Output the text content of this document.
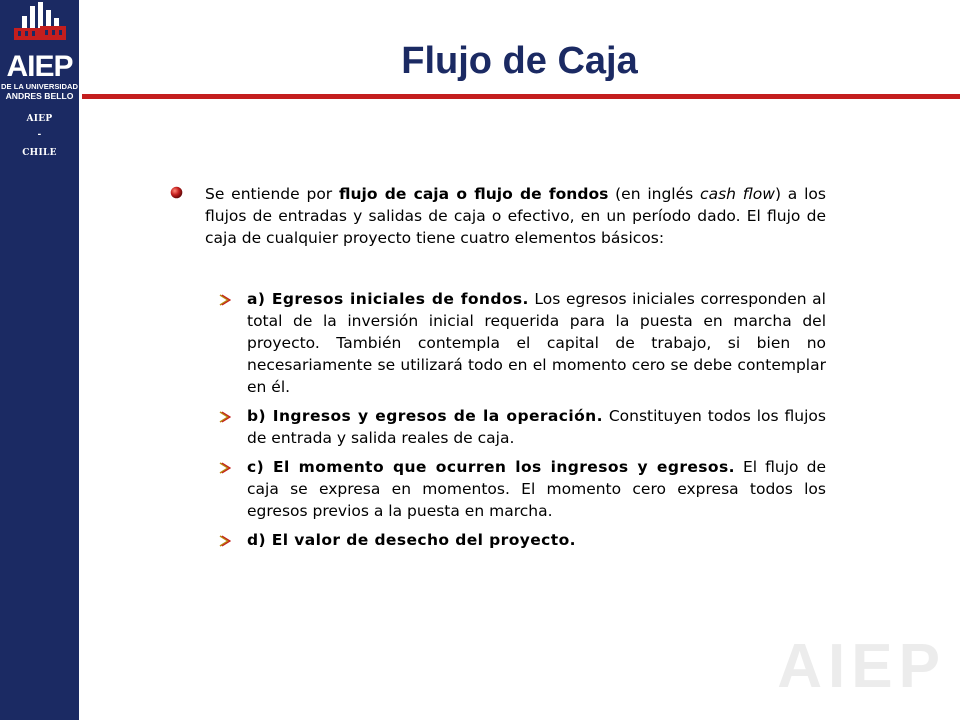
AIEP
DE LA UNIVERSIDAD
ANDRES BELLO
AIEP
-
CHILE
Flujo de Caja

Se entiende por flujo de caja o flujo de fondos (en inglés cash flow) a los flujos de entradas y salidas de caja o efectivo, en un período dado. El flujo de caja de cualquier proyecto tiene cuatro elementos básicos:

a) Egresos iniciales de fondos. Los egresos iniciales corresponden al total de la inversión inicial requerida para la puesta en marcha del proyecto. También contempla el capital de trabajo, si bien no necesariamente se utilizará todo en el momento cero se debe contemplar en él.
b) Ingresos y egresos de la operación. Constituyen todos los flujos de entrada y salida reales de caja.
c) El momento que ocurren los ingresos y egresos. El flujo de caja se expresa en momentos. El momento cero expresa todos los egresos previos a la puesta en marcha.
d) El valor de desecho del proyecto.
AIEP
